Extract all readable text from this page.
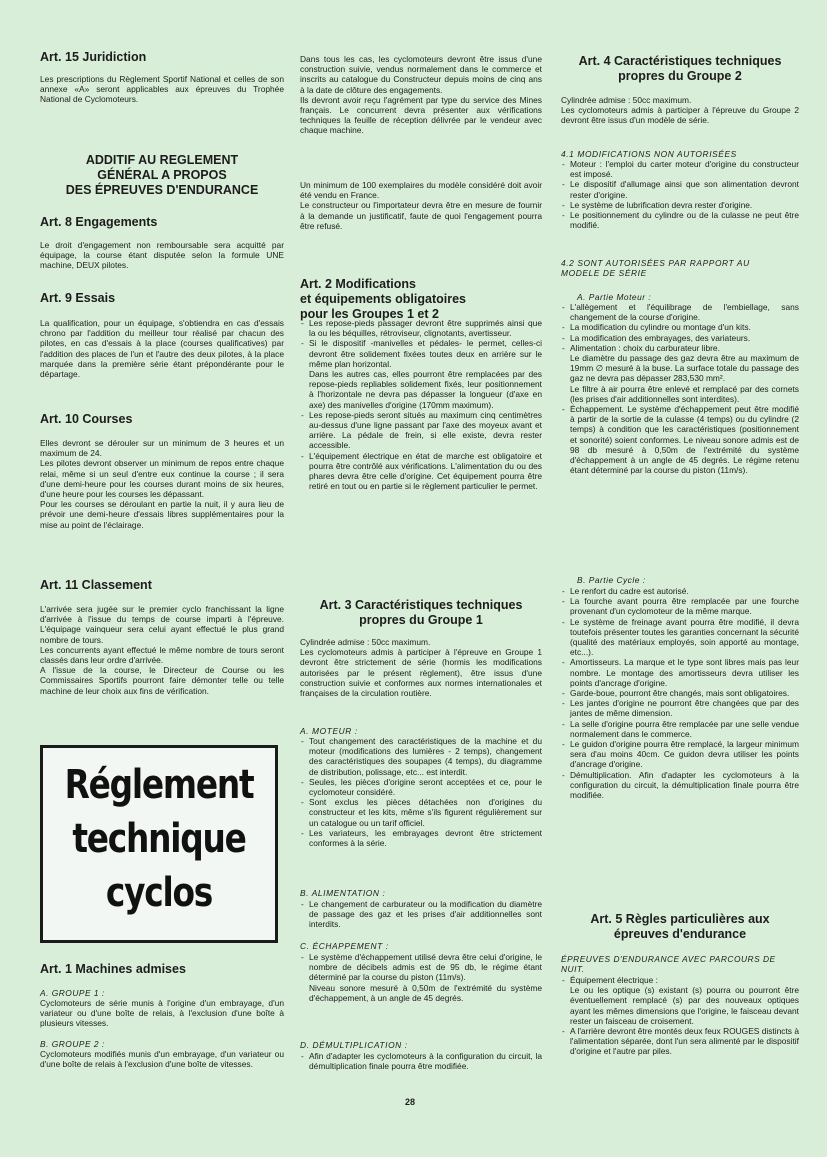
Art. 15 Juridiction

Les prescriptions du Règlement Sportif National et celles de son annexe «A» seront applicables aux épreuves du Trophée National de Cyclomoteurs.

ADDITIF AU REGLEMENT
GÉNÉRAL A PROPOS
DES ÉPREUVES D'ENDURANCE
Art. 8 Engagements

Le droit d'engagement non remboursable sera acquitté par équipage, la course étant disputée selon la formule UNE machine, DEUX pilotes.

Art. 9 Essais

La qualification, pour un équipage, s'obtiendra en cas d'essais chrono par l'addition du meilleur tour réalisé par chacun des pilotes, en cas d'essais à la place (courses qualificatives) par l'addition des places de l'un et l'autre des deux pilotes, à la place marquée dans la première série étant prépondérante pour le départage.

Art. 10 Courses

Elles devront se dérouler sur un minimum de 3 heures et un maximum de 24.
Les pilotes devront observer un minimum de repos entre chaque relai, même si un seul d'entre eux continue la course ; il sera d'une demi-heure pour les courses durant moins de six heures, d'une heure pour les courses les dépassant.
Pour les courses se déroulant en partie la nuit, il y aura lieu de prévoir une demi-heure d'essais libres supplémentaires pour la mise au point de l'éclairage.

Art. 11 Classement

L'arrivée sera jugée sur le premier cyclo franchissant la ligne d'arrivée à l'issue du temps de course imparti à l'épreuve. L'équipage vainqueur sera celui ayant effectué le plus grand nombre de tours.
Les concurrents ayant effectué le même nombre de tours seront classés dans leur ordre d'arrivée.
A l'issue de la course, le Directeur de Course ou les Commissaires Sportifs pourront faire démonter telle ou telle machine de leur choix aux fins de vérification.

Réglement
technique
cyclos
Art. 1 Machines admises
A. GROUPE 1 :

Cyclomoteurs de série munis à l'origine d'un embrayage, d'un variateur ou d'une boîte de relais, à l'exclusion d'une boîte à plusieurs vitesses.

B. GROUPE 2 :

Cyclomoteurs modifiés munis d'un embrayage, d'un variateur ou d'une boîte de relais à l'exclusion d'une boîte de vitesses.

Dans tous les cas, les cyclomoteurs devront être issus d'une construction suivie, vendus normalement dans le commerce et inscrits au catalogue du Constructeur depuis moins de cinq ans à la date de clôture des engagements.
Ils devront avoir reçu l'agrément par type du service des Mines français. Le concurrent devra présenter aux vérifications techniques la feuille de réception délivrée par le vendeur avec chaque machine.

Un minimum de 100 exemplaires du modèle considéré doit avoir été vendu en France.
Le constructeur ou l'importateur devra être en mesure de fournir à la demande un justificatif, faute de quoi l'engagement pourra être refusé.

Art. 2 Modifications
et équipements obligatoires
pour les Groupes 1 et 2

- Les repose-pieds passager devront être supprimés ainsi que la ou les béquilles, rétroviseur, clignotants, avertisseur.
- Si le dispositif -manivelles et pédales- le permet, celles-ci devront être solidement fixées toutes deux en arrière sur le même plan horizontal.
Dans les autres cas, elles pourront être remplacées par des repose-pieds repliables solidement fixés, leur positionnement à l'horizontale ne devra pas dépasser la longueur (d'axe en axe) des manivelles d'origine (170mm maximum).
- Les repose-pieds seront situés au maximum cinq centimètres au-dessus d'une ligne passant par l'axe des moyeux avant et arrière. La pédale de frein, si elle existe, devra rester accessible.
- L'équipement électrique en état de marche est obligatoire et pourra être contrôlé aux vérifications. L'alimentation du ou des phares devra être celle d'origine. Cet équipement pourra être retiré en tout ou en partie si le règlement particulier le permet.
Art. 3 Caractéristiques techniques
propres du Groupe 1

Cylindrée admise : 50cc maximum.
Les cyclomoteurs admis à participer à l'épreuve en Groupe 1 devront être strictement de série (hormis les modifications autorisées par le présent règlement), être issus d'une construction suivie et conformes aux normes internationales et françaises de la circulation routière.

A. MOTEUR :
- Tout changement des caractéristiques de la machine et du moteur (modifications des lumières - 2 temps), changement des caractéristiques des soupapes (4 temps), du diagramme de distribution, polissage, etc... est interdit.
- Seules, les pièces d'origine seront acceptées et ce, pour le cyclomoteur considéré.
- Sont exclus les pièces détachées non d'origines du constructeur et les kits, même s'ils figurent régulièrement sur un catalogue ou un tarif officiel.
- Les variateurs, les embrayages devront être strictement conformes à la série.
B. ALIMENTATION :
- Le changement de carburateur ou la modification du diamètre de passage des gaz et les prises d'air additionnelles sont interdits.
C. ÉCHAPPEMENT :
- Le système d'échappement utilisé devra être celui d'origine, le nombre de décibels admis est de 95 db, le régime étant déterminé par la course du piston (11m/s).
Niveau sonore mesuré à 0,50m de l'extrémité du système d'échappement, à un angle de 45 degrés.
D. DÉMULTIPLICATION :
- Afin d'adapter les cyclomoteurs à la configuration du circuit, la démultiplication finale pourra être modifiée.
Art. 4 Caractéristiques techniques
propres du Groupe 2

Cylindrée admise : 50cc maximum.
Les cyclomoteurs admis à participer à l'épreuve du Groupe 2 devront être issus d'un modèle de série.

4.1 MODIFICATIONS NON AUTORISÉES
- Moteur : l'emploi du carter moteur d'origine du constructeur est imposé.
- Le dispositif d'allumage ainsi que son alimentation devront rester d'origine.
- Le système de lubrification devra rester d'origine.
- Le positionnement du cylindre ou de la culasse ne peut être modifié.
4.2 SONT AUTORISÉES PAR RAPPORT AU
MODELE DE SÉRIE
A. Partie Moteur :
- L'allègement et l'équilibrage de l'embiellage, sans changement de la course d'origine.
- La modification du cylindre ou montage d'un kits.
- La modification des embrayages, des variateurs.
- Alimentation : choix du carburateur libre.
Le diamètre du passage des gaz devra être au maximum de 19mm ∅ mesuré à la buse. La surface totale du passage des gaz ne devra pas dépasser 283,530 mm².
Le filtre à air pourra être enlevé et remplacé par des cornets (les prises d'air additionnelles sont interdites).
- Échappement. Le système d'échappement peut être modifié à partir de la sortie de la culasse (4 temps) ou du cylindre (2 temps) à condition que les caractéristiques (positionnement et sonorité) soient conformes. Le niveau sonore admis est de 98 db mesuré à 0,50m de l'extrémité du système d'échappement à un angle de 45 degrés. Le régime retenu étant déterminé par la course du piston (11m/s).
B. Partie Cycle :
- Le renfort du cadre est autorisé.
- La fourche avant pourra être remplacée par une fourche provenant d'un cyclomoteur de la même marque.
- Le système de freinage avant pourra être modifié, il devra toutefois présenter toutes les garanties concernant la sécurité (qualité des matériaux employés, soin apporté au montage, etc...).
- Amortisseurs. La marque et le type sont libres mais pas leur nombre. Le montage des amortisseurs devra utiliser les points d'ancrage d'origine.
- Garde-boue, pourront être changés, mais sont obligatoires.
- Les jantes d'origine ne pourront être changées que par des jantes de même dimension.
- La selle d'origine pourra être remplacée par une selle vendue normalement dans le commerce.
- Le guidon d'origine pourra être remplacé, la largeur minimum sera d'au moins 40cm. Ce guidon devra utiliser les points d'ancrage d'origine.
- Démultiplication. Afin d'adapter les cyclomoteurs à la configuration du circuit, la démultiplication finale pourra être modifiée.
Art. 5 Règles particulières aux
épreuves d'endurance
ÉPREUVES D'ENDURANCE AVEC PARCOURS DE NUIT.
- Équipement électrique :
Le ou les optique (s) existant (s) pourra ou pourront être éventuellement remplacé (s) par des nouveaux optiques ayant les mêmes dimensions que l'origine, le faisceau devant rester un faisceau de croisement.
- A l'arrière devront être montés deux feux ROUGES distincts à l'alimentation séparée, dont l'un sera alimenté par le dispositif d'origine et l'autre par piles.
28
